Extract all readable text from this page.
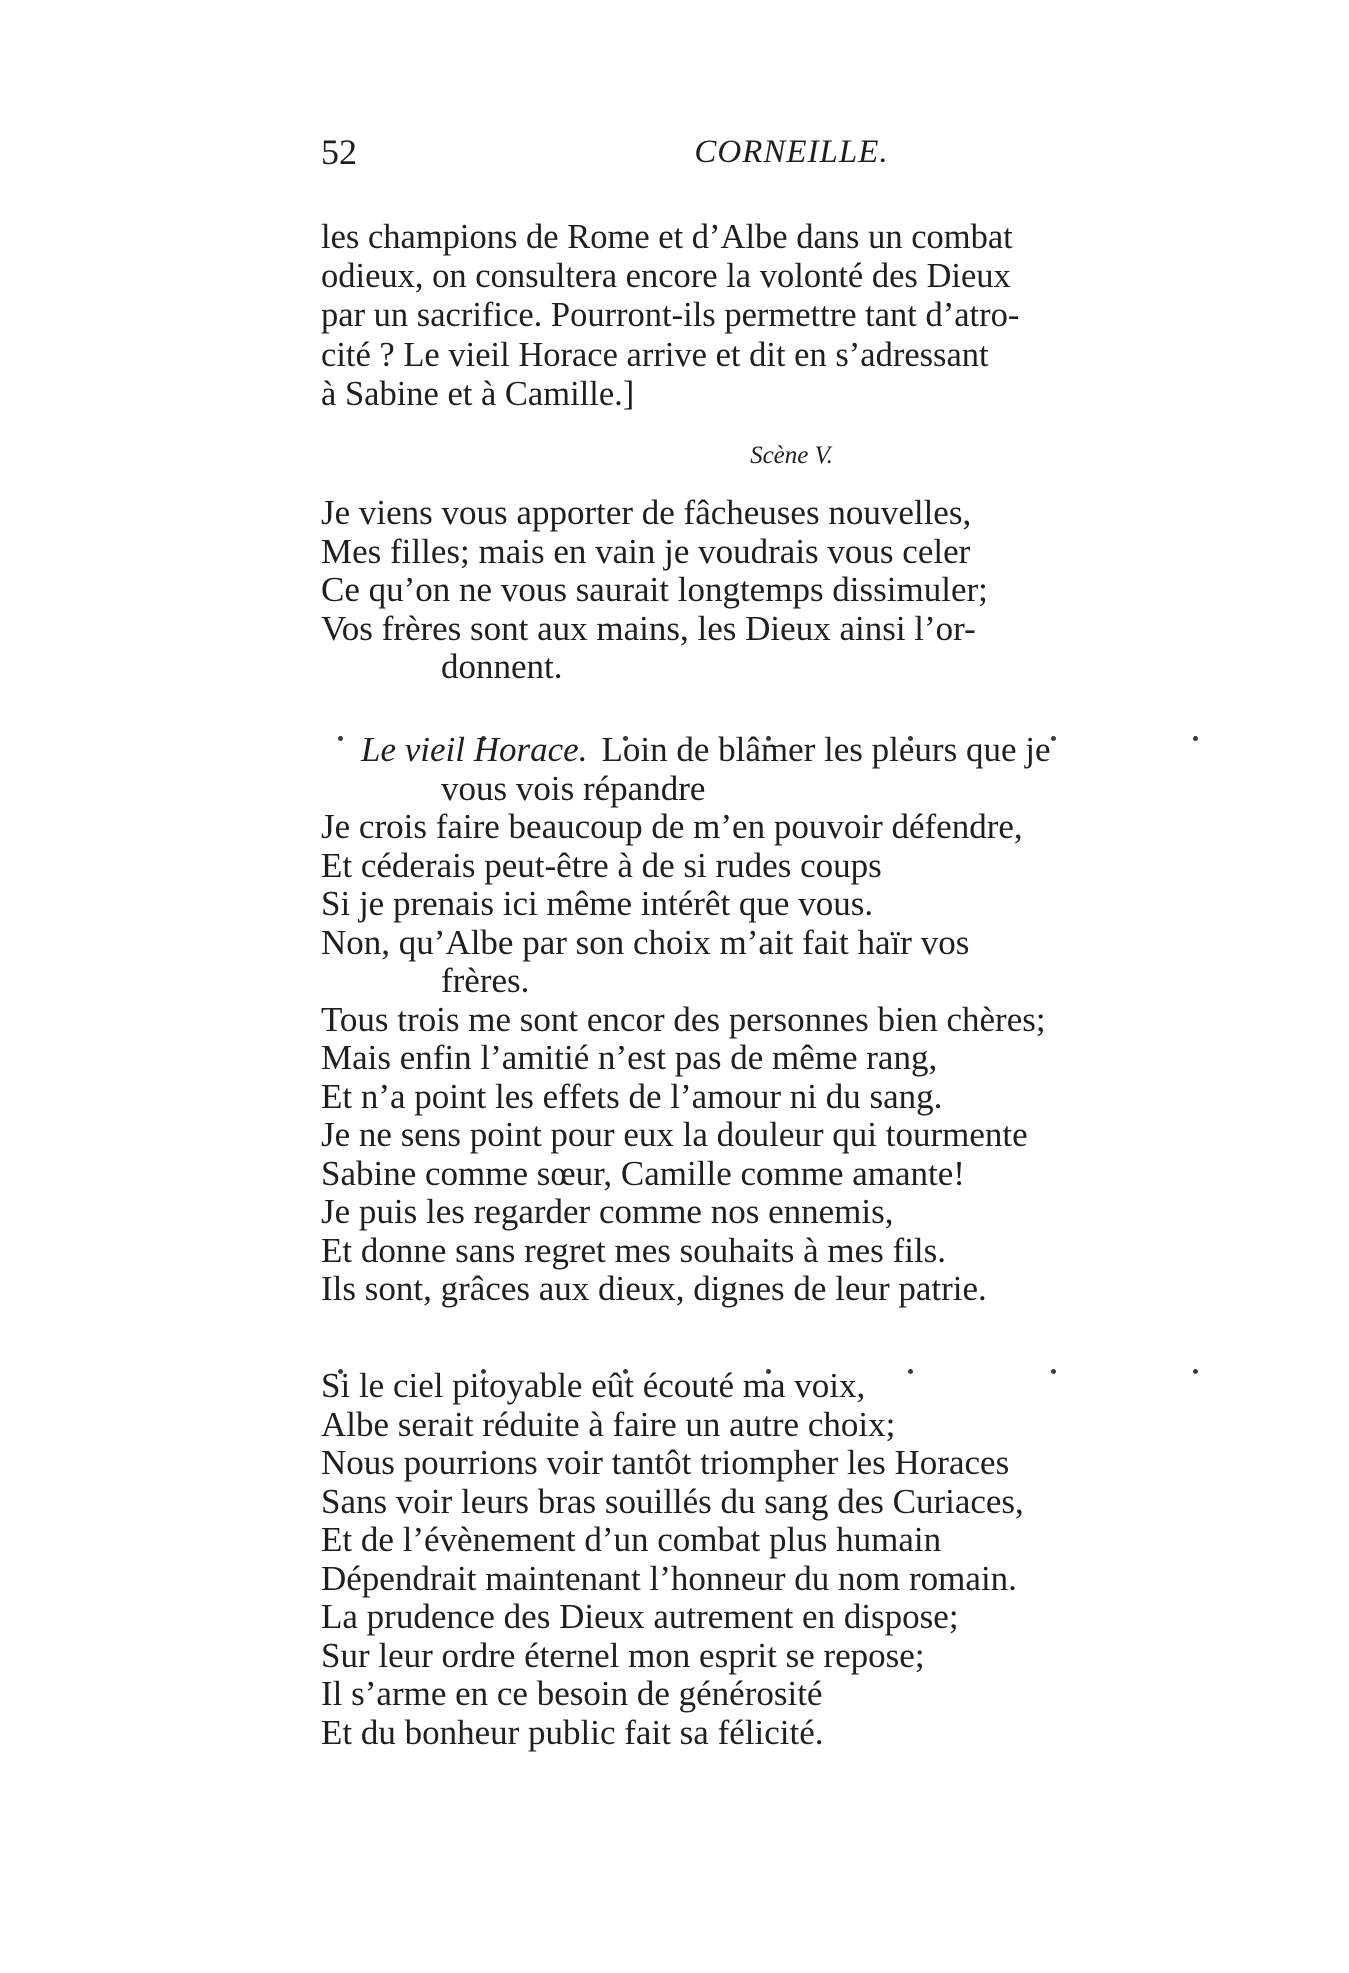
52	CORNEILLE.

les champions de Rome et d’Albe dans un combat

odieux, on consultera encore la volonté des Dieux

par un sacrifice. Pourront-ils permettre tant d’atro-

cité ? Le vieil Horace arrive et dit en s’adressant

à Sabine et à Camille.]

Scène V.
Je viens vous apporter de fâcheuses nouvelles,
Mes filles; mais en vain je voudrais vous celer
Ce qu’on ne vous saurait longtemps dissimuler;
Vos frères sont aux mains, les Dieux ainsi l’or-
donnent.
Le vieil Horace. Loin de blâmer les pleurs que je
vous vois répandre
Je crois faire beaucoup de m’en pouvoir défendre,
Et céderais peut-être à de si rudes coups
Si je prenais ici même intérêt que vous.
Non, qu’Albe par son choix m’ait fait haïr vos
frères.
Tous trois me sont encor des personnes bien chères;
Mais enfin l’amitié n’est pas de même rang,
Et n’a point les effets de l’amour ni du sang.
Je ne sens point pour eux la douleur qui tourmente
Sabine comme sœur, Camille comme amante!
Je puis les regarder comme nos ennemis,
Et donne sans regret mes souhaits à mes fils.
Ils sont, grâces aux dieux, dignes de leur patrie.
Si le ciel pitoyable eût écouté ma voix,
Albe serait réduite à faire un autre choix;
Nous pourrions voir tantôt triompher les Horaces
Sans voir leurs bras souillés du sang des Curiaces,
Et de l’évènement d’un combat plus humain
Dépendrait maintenant l’honneur du nom romain.
La prudence des Dieux autrement en dispose;
Sur leur ordre éternel mon esprit se repose;
Il s’arme en ce besoin de générosité
Et du bonheur public fait sa félicité.
